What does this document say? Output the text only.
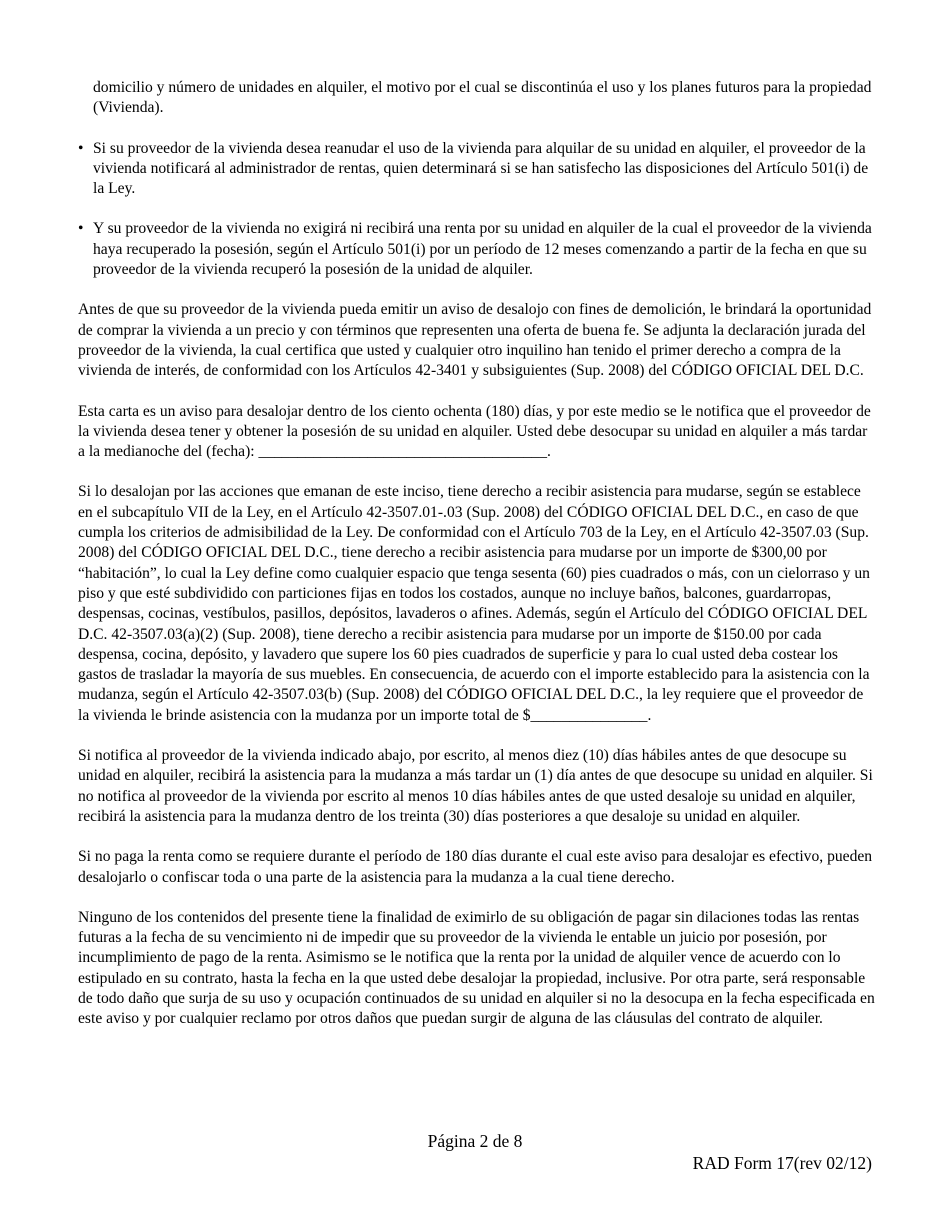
domicilio y número de unidades en alquiler, el motivo por el cual se discontinúa el uso y los planes futuros para la propiedad (Vivienda).

• Si su proveedor de la vivienda desea reanudar el uso de la vivienda para alquilar de su unidad en alquiler, el proveedor de la vivienda notificará al administrador de rentas, quien determinará si se han satisfecho las disposiciones del Artículo 501(i) de la Ley.
• Y su proveedor de la vivienda no exigirá ni recibirá una renta por su unidad en alquiler de la cual el proveedor de la vivienda haya recuperado la posesión, según el Artículo 501(i) por un período de 12 meses comenzando a partir de la fecha en que su proveedor de la vivienda recuperó la posesión de la unidad de alquiler.

Antes de que su proveedor de la vivienda pueda emitir un aviso de desalojo con fines de demolición, le brindará la oportunidad de comprar la vivienda a un precio y con términos que representen una oferta de buena fe. Se adjunta la declaración jurada del proveedor de la vivienda, la cual certifica que usted y cualquier otro inquilino han tenido el primer derecho a compra de la vivienda de interés, de conformidad con los Artículos 42-3401 y subsiguientes (Sup. 2008) del CÓDIGO OFICIAL DEL D.C.

Esta carta es un aviso para desalojar dentro de los ciento ochenta (180) días, y por este medio se le notifica que el proveedor de la vivienda desea tener y obtener la posesión de su unidad en alquiler. Usted debe desocupar su unidad en alquiler a más tardar a la medianoche del (fecha): _____________________________________.

Si lo desalojan por las acciones que emanan de este inciso, tiene derecho a recibir asistencia para mudarse, según se establece en el subcapítulo VII de la Ley, en el Artículo 42-3507.01-.03 (Sup. 2008) del CÓDIGO OFICIAL DEL D.C., en caso de que cumpla los criterios de admisibilidad de la Ley. De conformidad con el Artículo 703 de la Ley, en el Artículo 42-3507.03 (Sup. 2008) del CÓDIGO OFICIAL DEL D.C., tiene derecho a recibir asistencia para mudarse por un importe de $300,00 por “habitación”, lo cual la Ley define como cualquier espacio que tenga sesenta (60) pies cuadrados o más, con un cielorraso y un piso y que esté subdividido con particiones fijas en todos los costados, aunque no incluye baños, balcones, guardarropas, despensas, cocinas, vestíbulos, pasillos, depósitos, lavaderos o afines. Además, según el Artículo del CÓDIGO OFICIAL DEL D.C. 42-3507.03(a)(2) (Sup. 2008), tiene derecho a recibir asistencia para mudarse por un importe de $150.00 por cada despensa, cocina, depósito, y lavadero que supere los 60 pies cuadrados de superficie y para lo cual usted deba costear los gastos de trasladar la mayoría de sus muebles. En consecuencia, de acuerdo con el importe establecido para la asistencia con la mudanza, según el Artículo 42-3507.03(b) (Sup. 2008) del CÓDIGO OFICIAL DEL D.C., la ley requiere que el proveedor de la vivienda le brinde asistencia con la mudanza por un importe total de $_______________.

Si notifica al proveedor de la vivienda indicado abajo, por escrito, al menos diez (10) días hábiles antes de que desocupe su unidad en alquiler, recibirá la asistencia para la mudanza a más tardar un (1) día antes de que desocupe su unidad en alquiler. Si no notifica al proveedor de la vivienda por escrito al menos 10 días hábiles antes de que usted desaloje su unidad en alquiler, recibirá la asistencia para la mudanza dentro de los treinta (30) días posteriores a que desaloje su unidad en alquiler.

Si no paga la renta como se requiere durante el período de 180 días durante el cual este aviso para desalojar es efectivo, pueden desalojarlo o confiscar toda o una parte de la asistencia para la mudanza a la cual tiene derecho.

Ninguno de los contenidos del presente tiene la finalidad de eximirlo de su obligación de pagar sin dilaciones todas las rentas futuras a la fecha de su vencimiento ni de impedir que su proveedor de la vivienda le entable un juicio por posesión, por incumplimiento de pago de la renta. Asimismo se le notifica que la renta por la unidad de alquiler vence de acuerdo con lo estipulado en su contrato, hasta la fecha en la que usted debe desalojar la propiedad, inclusive. Por otra parte, será responsable de todo daño que surja de su uso y ocupación continuados de su unidad en alquiler si no la desocupa en la fecha especificada en este aviso y por cualquier reclamo por otros daños que puedan surgir de alguna de las cláusulas del contrato de alquiler.

Página 2 de 8
RAD Form 17(rev 02/12)
